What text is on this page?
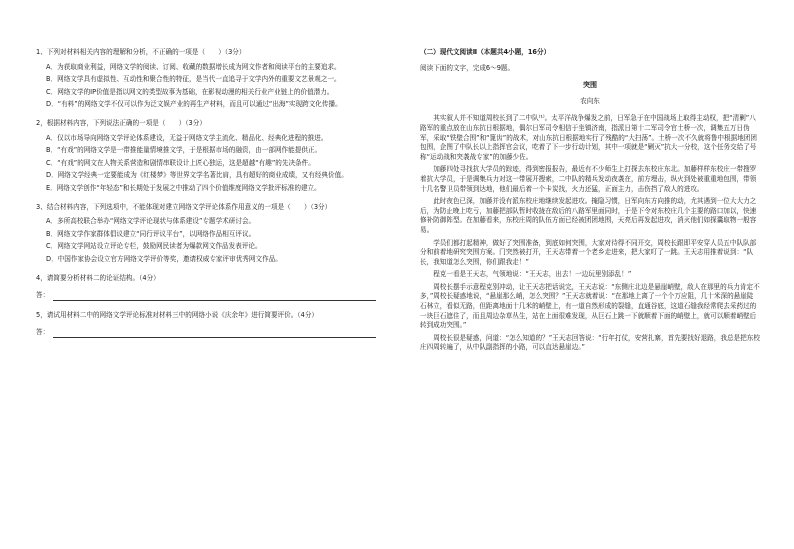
1、下列对材料相关内容的理解和分析，不正确的一项是（　　）（3分）
A．为获取商业利益，网络文学的阅读、订阅、收藏的数据增长成为网文作者和阅读平台的主要追求。
B．网络文学具有虚拟性、互动性和聚合性的特征，是当代一直追寻于文学内外的重要文艺景观之一。
C．网络文学的IP价值是指以网文的类型故事为基础，在影视动漫的相关行业产业链上的价值潜力。
D．“有料”的网络文学不仅可以作为泛文娱产业的再生产材料，而且可以通过“出海”实现跨文化传播。
2，根据材料内容，下列说法正确的一项是（　　）（3分）
A．仅以市场导向网络文学评论体系建设，无益于网络文学主流化、精品化、经典化进程的推进。
B．“有戏”的网络文学是一带推能量情境推文学，于是根据市场的融资，由一部网作能提供正。
C．“有戏”的网文在人物关系营造和剧情串联设计上匠心独运，这是超越“有趣”的先决条件。
D．网络文学经典一定要能成为《红楼梦》等世界文学名著比肩，具有超好的商业成绩，又有经典价值。
E．网络文学创作“年轻态”和长期处于发展之中推动了四个价值维度网络文学批评标准的建立。
3、结合材料内容，下列选项中，不能体现对建立网络文学评论体系作用意义的一项是（　　）（3分）
A．多所高校联合举办“网络文学评论现状与体系建设”专题学术研讨会。
B．网络文学作家群体倡议建立“同行评议平台”，以网络作品相互评议。
C．网络文学网站设立评论专栏，鼓励网民读者为爆款网文作品发表评论。
D．中国作家协会设立官方网络文学评价等奖，邀请权威专家评审优秀网文作品。
4，请简要分析材料二的论证结构。（4分）
答：
5，请试用材料二中的网络文学评论标准对材料三中的网络小说《庆余年》进行简要评价。（4分）
答：
（二）现代文阅读Ⅱ（本题共4小题，16分）
阅读下面的文字，完成6～9题。
突围
农向东
其实叙人并不知道周校长到了二中队⁽¹⁾。太平洋战争爆发之前，日军急于在中国战场上取得主动权，把“清剿”八路军的重点放在山东抗日根据地，偶尔日军司令相信于坐镇济南，指派日第十二军司令官土桥一次，调集五万日伪军，采取“铁壁合围”和“篦齿”的战术，对山东抗日根据地实行了残酷的“大扫荡”。土桥一次不久就将鲁中根据地团团包围，企图了中队长以上指挥官会议，吃着了下一步行动计划，其中一项就是“剿灭”抗大一分校，这个任务交给了号称“运动战和突袭战专家”的加藤少佐。
加藤四处寻找抗大学员的踪迹，得到密报报告，最近有不少师生上打探去东校庄东北。加藤样样东校庄一带搜罗着抗大学员，于是调集兵力对这一带展开搜索，二中队的精兵发动夜袭在，前方埋击，纵火到处被重重地包围，带领十几名警卫员带领到达地，他们最后着一个卡炭找，火力还猛，正面主力，击伤挡了敌人的进攻。
此时夜色已深，加藤并没有派东校庄地继续发起进攻。掩隐习惯，日军向东方向推的动，尤其遇到一位大大力之后，为防止晚上吃亏，加藤把部队暂时收拢在敌后的八路军里面同时，于是下令对东校庄几个主要的路口加以，快速修补防御阵型。在加藤看来，东校庄周的队伍方面已经被团团地围，天亮后再发起进攻，消灭他们如探囊取物一般容易。
学员们都打起精神，做好了突围准备，到底如何突围，大家对待得不同开交，周校长跟即平安穿人员五中队队部分和前着地研究突围方案。门突然被打开，王天志带着一个老乡走进来，把大家叮了一跳。王天志用推着说到：“队长，我知道怎么突围，你们跟我走！”
程克一看是王天志，气领地说：“王天志，出去！一边玩里别添乱！”
周校长摆手示意程克别冲动，让王天志把话说完，王天志说：“东侧庄北边是悬崖峭壁，敌人在那里的兵力肯定不多，”周校长疑惑地说，“悬崖那么峭，怎么突围？”王天志就着说：“在那地上离了一个个万应阻，几十米深的悬崖陡石林立，看似无路，但距离地面十几米的峭壁上，有一道自然形成的裂缝，直通谷底，这道石缝我经常爬去采药过的一块巨石遮住了，而且周边杂草丛生，站在上面很难发现，从巨石上跳一下就顺着下面的峭壁上，就可以顺着峭壁后转到成功突围。”
周校长很是疑惑，问道：“怎么知道的？”王天志回答说：“行年打仗，安营扎寨，首先要找好退路，我总是把东校庄四周转遍了，从中队副指挥的小路，可以直达悬崖边。”
